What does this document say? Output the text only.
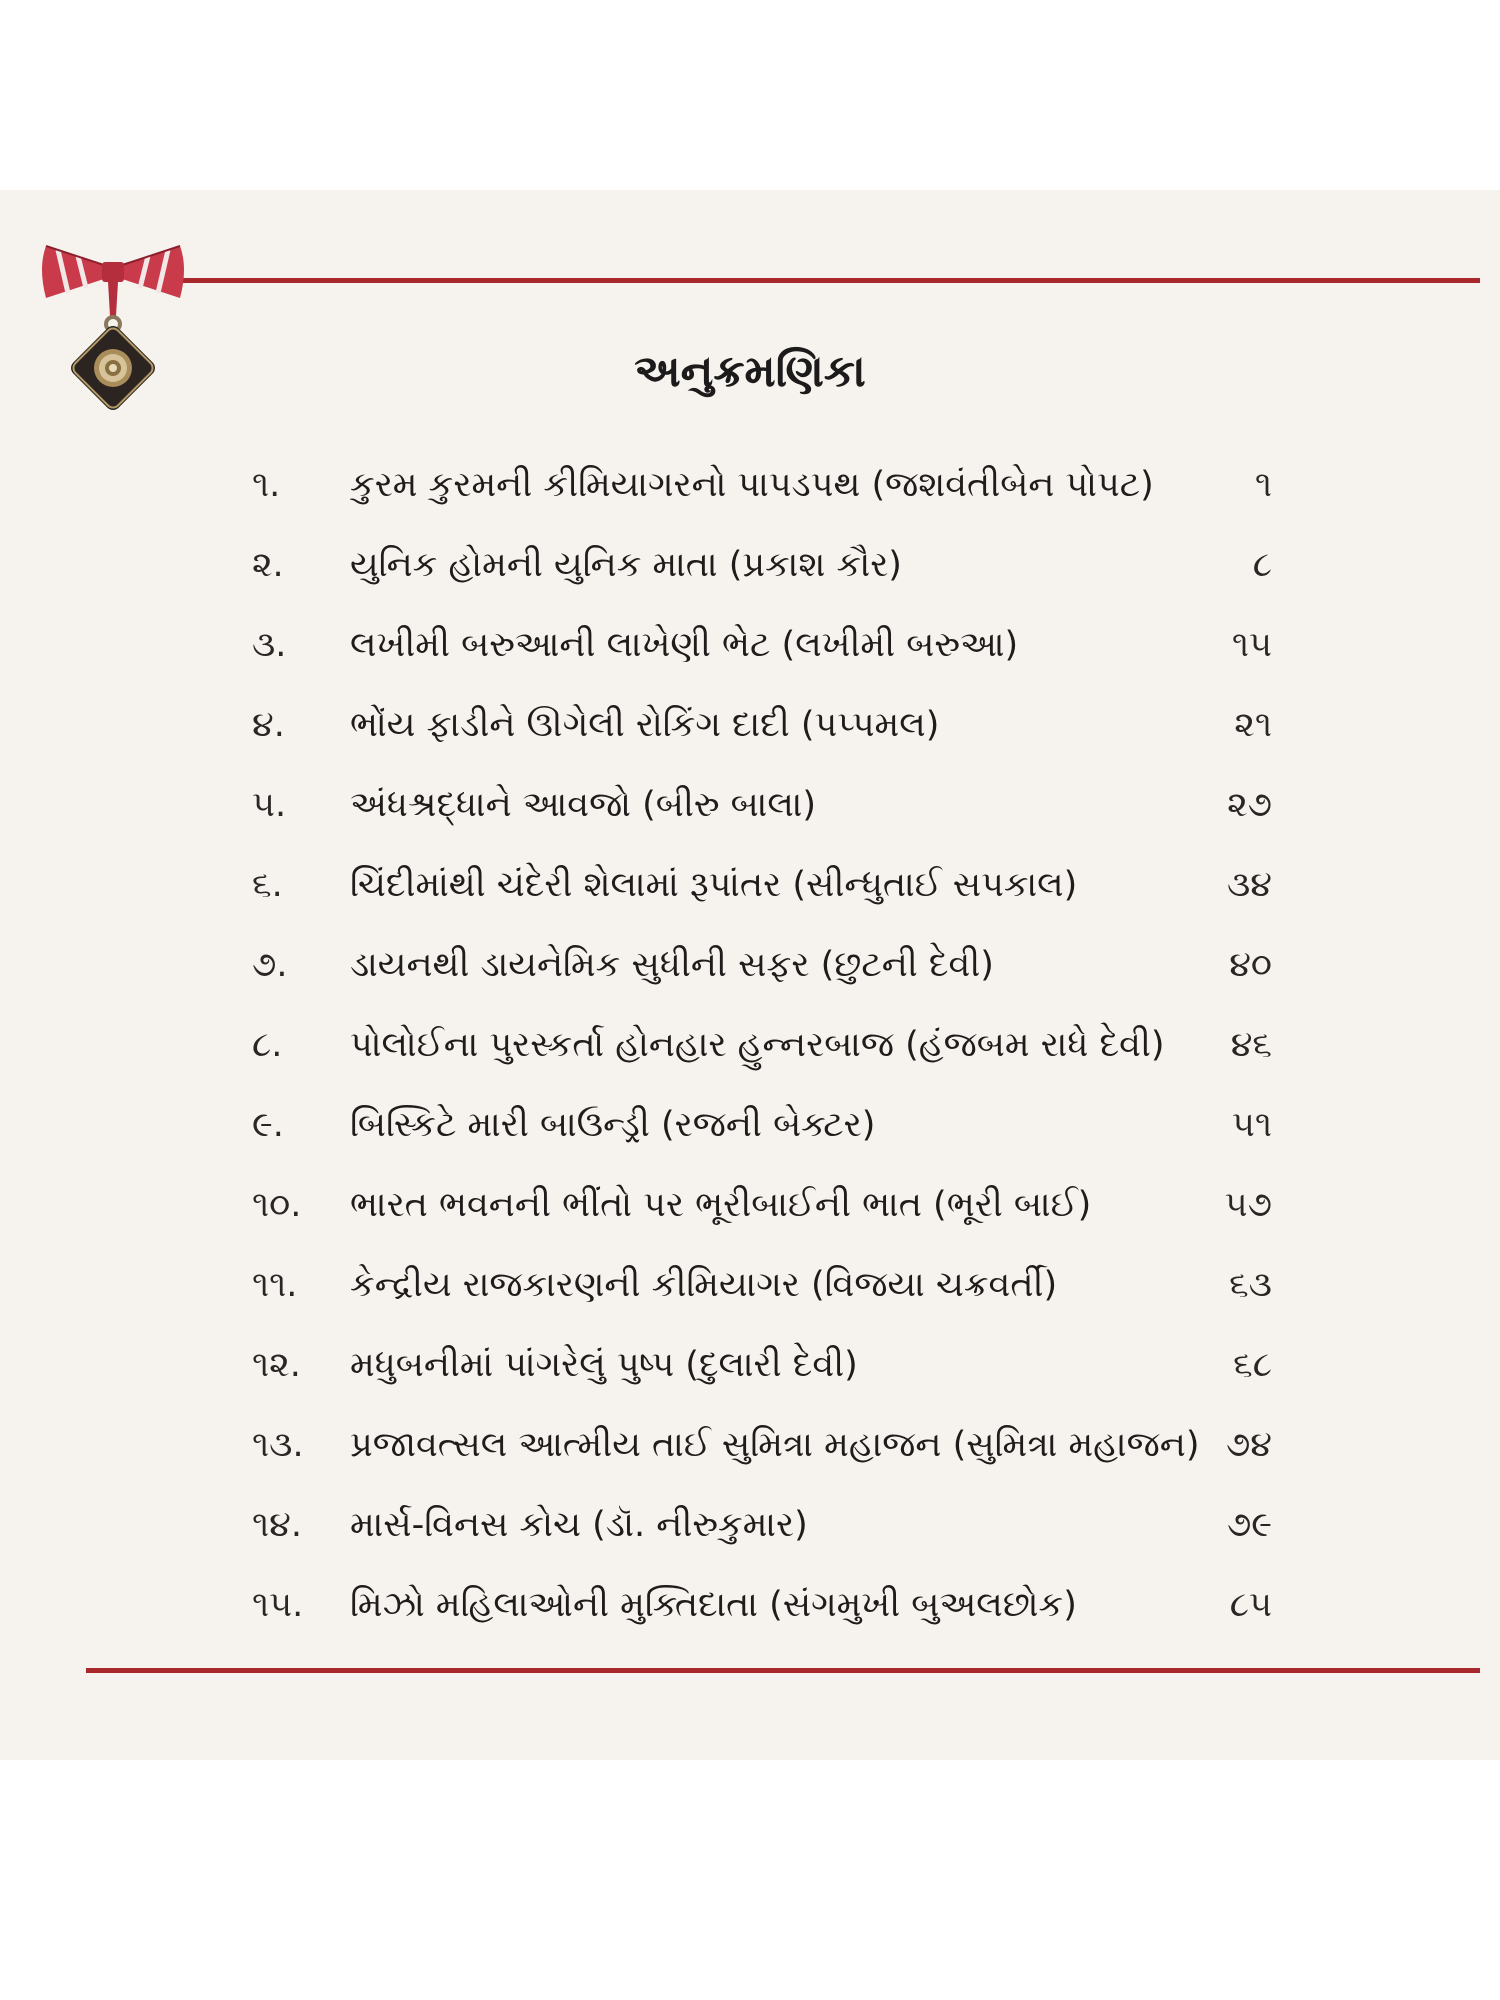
અનુક્રમણિકા
૧. કુરમ કુરમની કીમિયાગરનો પાપડપથ (જશવંતીબેન પોપટ)	૧
૨. યુનિક હોમની યુનિક માતા (પ્રકાશ કૌર)	૮
૩. લખીમી બરુઆની લાખેણી ભેટ (લખીમી બરુઆ)	૧૫
૪. ભોંય ફાડીને ઊગેલી રોકિંગ દાદી (પપ્પમલ)	૨૧
૫. અંધશ્રદ્ધાને આવજો (બીરુ બાલા)	૨૭
૬. ચિંદીમાંથી ચંદેરી શેલામાં રૂપાંતર (સીન્ધુતાઈ સપકાલ)	૩૪
૭. ડાયનથી ડાયનેમિક સુધીની સફર (છુટની દેવી)	૪૦
૮. પોલોઈના પુરસ્કર્તા હોનહાર હુન્નરબાજ (હંજબમ રાધે દેવી)	૪૬
૯. બિસ્કિટે મારી બાઉન્ડ્રી (રજની બેક્ટર)	૫૧
૧૦. ભારત ભવનની ભીંતો પર ભૂરીબાઈની ભાત (ભૂરી બાઈ)	૫૭
૧૧. કેન્દ્રીય રાજકારણની કીમિયાગર (વિજયા ચક્રવર્તી)	૬૩
૧૨. મધુબનીમાં પાંગરેલું પુષ્પ (દુલારી દેવી)	૬૮
૧૩. પ્રજાવત્સલ આત્મીય તાઈ સુમિત્રા મહાજન (સુમિત્રા મહાજન) ૭૪
૧૪. માર્સ-વિનસ કોચ (ડૉ. નીરુકુમાર)	૭૯
૧૫. મિઝો મહિલાઓની મુક્તિદાતા (સંગમુખી બુઅલછોક)	૮૫
